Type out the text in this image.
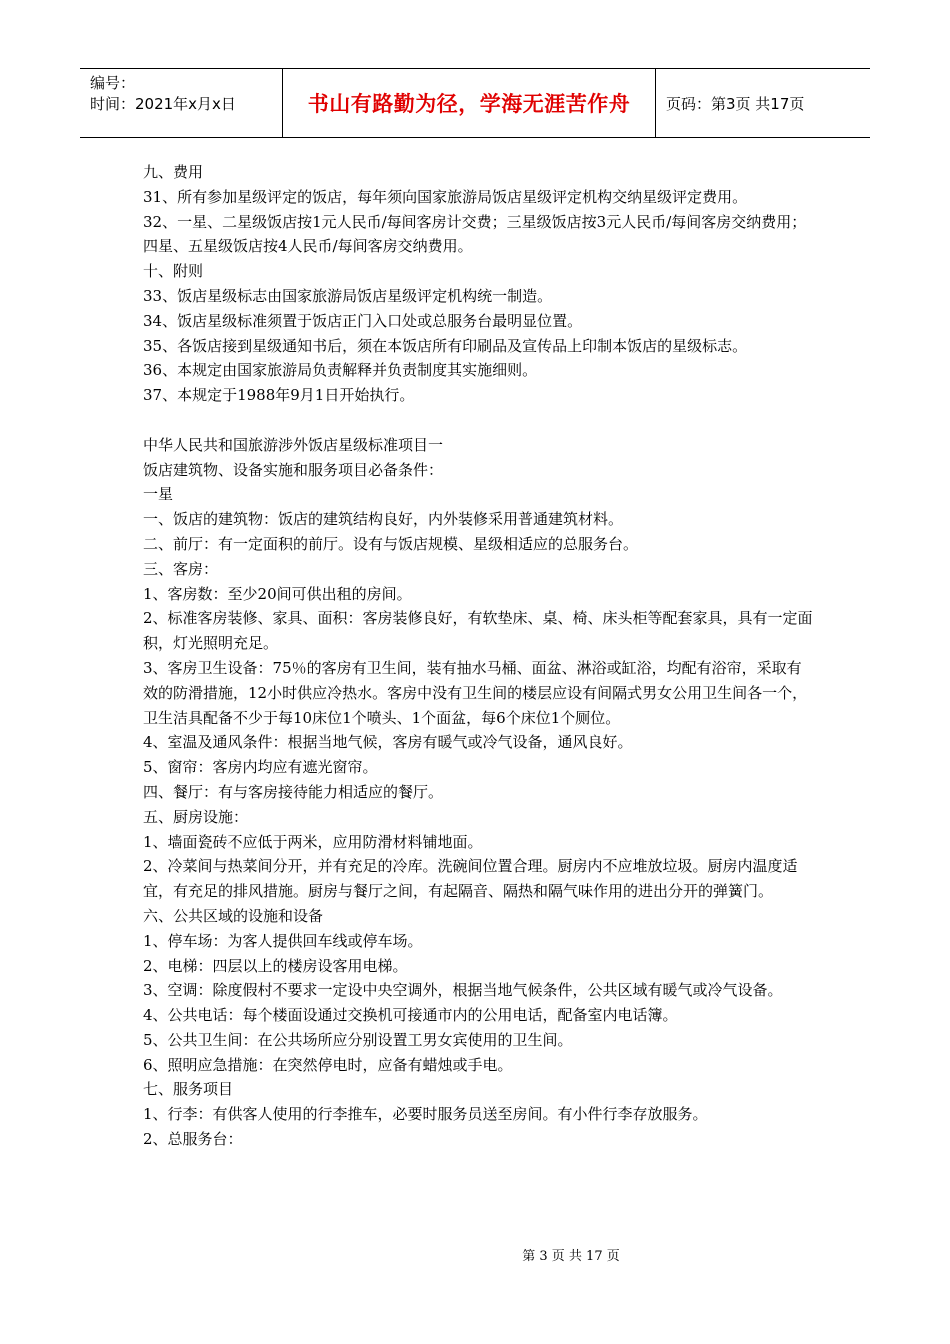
编号：
时间：2021年x月x日	书山有路勤为径，学海无涯苦作舟	页码：第3页 共17页
九、费用
31、所有参加星级评定的饭店，每年须向国家旅游局饭店星级评定机构交纳星级评定费用。
32、一星、二星级饭店按1元人民币/每间客房计交费；三星级饭店按3元人民币/每间客房交纳费用；四星、五星级饭店按4人民币/每间客房交纳费用。
十、附则
33、饭店星级标志由国家旅游局饭店星级评定机构统一制造。
34、饭店星级标准须置于饭店正门入口处或总服务台最明显位置。
35、各饭店接到星级通知书后，须在本饭店所有印刷品及宣传品上印制本饭店的星级标志。
36、本规定由国家旅游局负责解释并负责制度其实施细则。
37、本规定于1988年9月1日开始执行。
中华人民共和国旅游涉外饭店星级标准项目一
饭店建筑物、设备实施和服务项目必备条件：
一星
一、饭店的建筑物：饭店的建筑结构良好，内外装修采用普通建筑材料。
二、前厅：有一定面积的前厅。设有与饭店规模、星级相适应的总服务台。
三、客房：
1、客房数：至少20间可供出租的房间。
2、标准客房装修、家具、面积：客房装修良好，有软垫床、桌、椅、床头柜等配套家具，具有一定面积，灯光照明充足。
3、客房卫生设备：75％的客房有卫生间，装有抽水马桶、面盆、淋浴或缸浴，均配有浴帘，采取有效的防滑措施，12小时供应冷热水。客房中没有卫生间的楼层应设有间隔式男女公用卫生间各一个，卫生洁具配备不少于每10床位1个喷头、1个面盆，每6个床位1个厕位。
4、室温及通风条件：根据当地气候，客房有暖气或冷气设备，通风良好。
5、窗帘：客房内均应有遮光窗帘。
四、餐厅：有与客房接待能力相适应的餐厅。
五、厨房设施：
1、墙面瓷砖不应低于两米，应用防滑材料铺地面。
2、冷菜间与热菜间分开，并有充足的冷库。洗碗间位置合理。厨房内不应堆放垃圾。厨房内温度适宜，有充足的排风措施。厨房与餐厅之间，有起隔音、隔热和隔气味作用的进出分开的弹簧门。
六、公共区域的设施和设备
1、停车场：为客人提供回车线或停车场。
2、电梯：四层以上的楼房设客用电梯。
3、空调：除度假村不要求一定设中央空调外，根据当地气候条件，公共区域有暖气或冷气设备。
4、公共电话：每个楼面设通过交换机可接通市内的公用电话，配备室内电话簿。
5、公共卫生间：在公共场所应分别设置工男女宾使用的卫生间。
6、照明应急措施：在突然停电时，应备有蜡烛或手电。
七、服务项目
1、行李：有供客人使用的行李推车，必要时服务员送至房间。有小件行李存放服务。
2、总服务台：
第 3 页 共 17 页
